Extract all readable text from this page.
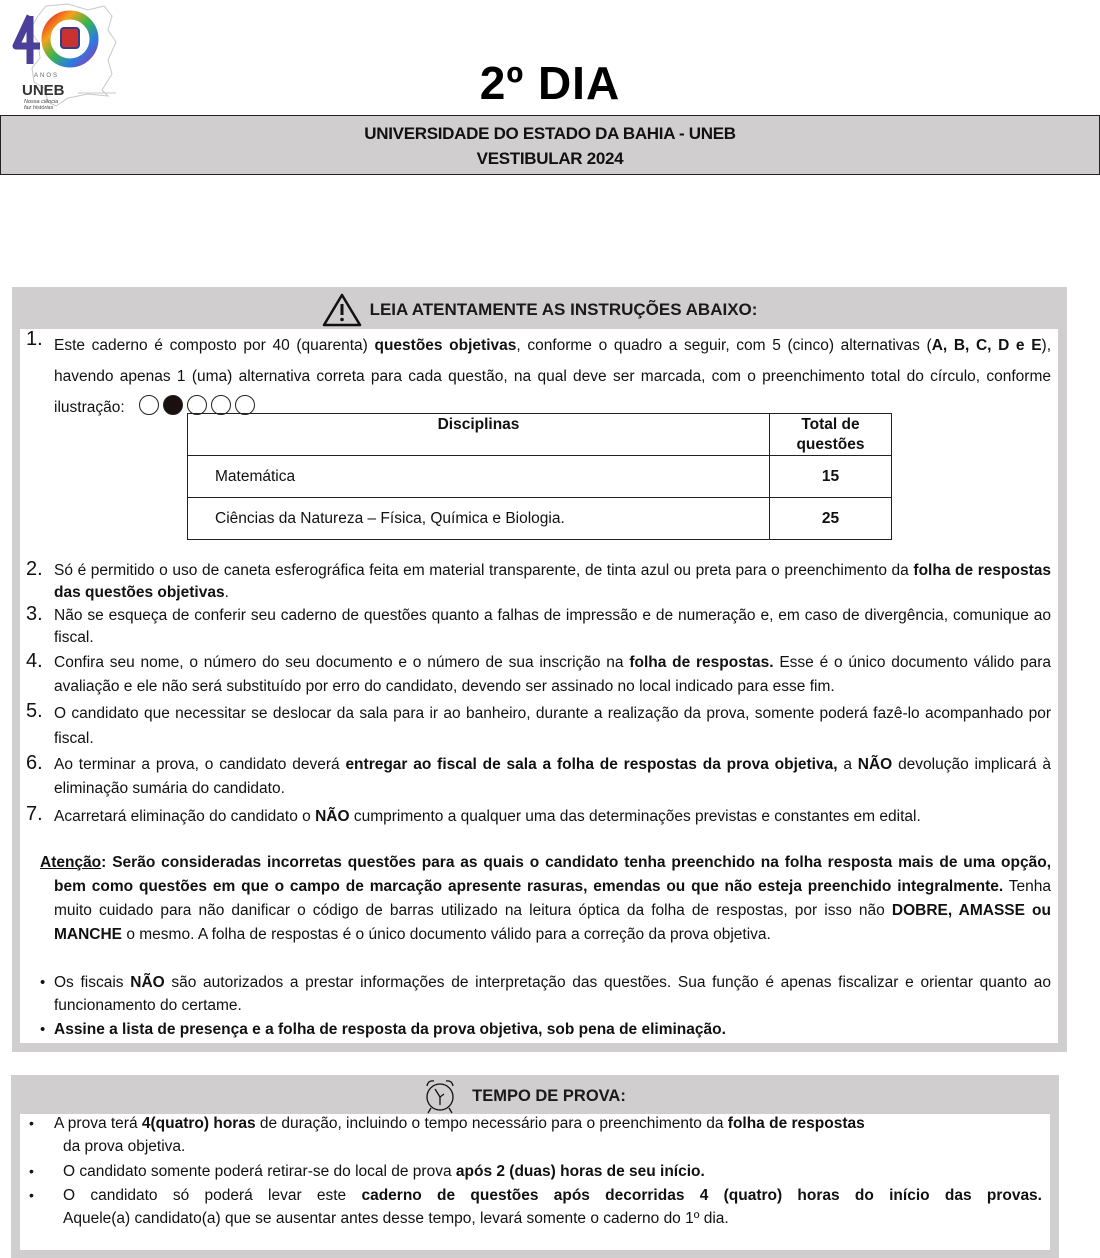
ANOS
UNEB
Nossa ciência
faz histórias	2º DIA
UNIVERSIDADE DO ESTADO DA BAHIA - UNEB
VESTIBULAR 2024
LEIA ATENTAMENTE AS INSTRUÇÕES ABAIXO:
1. Este caderno é composto por 40 (quarenta) questões objetivas, conforme o quadro a seguir, com 5 (cinco) alternativas (A, B, C, D e E), havendo apenas 1 (uma) alternativa correta para cada questão, na qual deve ser marcada, com o preenchimento total do círculo, conforme ilustração:
Disciplinas	Total de questões
Matemática	15
Ciências da Natureza – Física, Química e Biologia.	25
2. Só é permitido o uso de caneta esferográfica feita em material transparente, de tinta azul ou preta para o preenchimento da folha de respostas das questões objetivas.
3. Não se esqueça de conferir seu caderno de questões quanto a falhas de impressão e de numeração e, em caso de divergência, comunique ao fiscal.
4. Confira seu nome, o número do seu documento e o número de sua inscrição na folha de respostas. Esse é o único documento válido para avaliação e ele não será substituído por erro do candidato, devendo ser assinado no local indicado para esse fim.
5. O candidato que necessitar se deslocar da sala para ir ao banheiro, durante a realização da prova, somente poderá fazê-lo acompanhado por fiscal.
6. Ao terminar a prova, o candidato deverá entregar ao fiscal de sala a folha de respostas da prova objetiva, a NÃO devolução implicará à eliminação sumária do candidato.
7. Acarretará eliminação do candidato o NÃO cumprimento a qualquer uma das determinações previstas e constantes em edital.
Atenção: Serão consideradas incorretas questões para as quais o candidato tenha preenchido na folha resposta mais de uma opção, bem como questões em que o campo de marcação apresente rasuras, emendas ou que não esteja preenchido integralmente. Tenha muito cuidado para não danificar o código de barras utilizado na leitura óptica da folha de respostas, por isso não DOBRE, AMASSE ou MANCHE o mesmo. A folha de respostas é o único documento válido para a correção da prova objetiva.
• Os fiscais NÃO são autorizados a prestar informações de interpretação das questões. Sua função é apenas fiscalizar e orientar quanto ao funcionamento do certame.
• Assine a lista de presença e a folha de resposta da prova objetiva, sob pena de eliminação.
TEMPO DE PROVA:
• A prova terá 4(quatro) horas de duração, incluindo o tempo necessário para o preenchimento da folha de respostas
da prova objetiva.
• O candidato somente poderá retirar-se do local de prova após 2 (duas) horas de seu início.
• O candidato só poderá levar este caderno de questões após decorridas 4 (quatro) horas do início das provas.
Aquele(a) candidato(a) que se ausentar antes desse tempo, levará somente o caderno do 1º dia.
